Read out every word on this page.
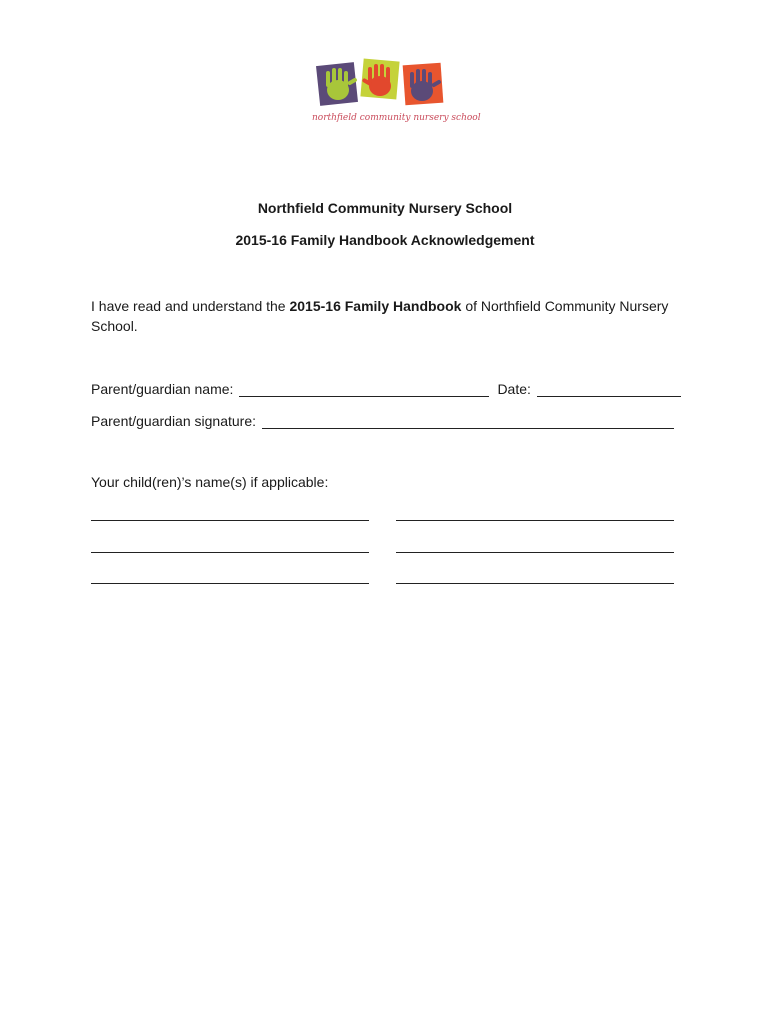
northfield community nursery school
Northfield Community Nursery School
2015-16 Family Handbook Acknowledgement
I have read and understand the 2015-16 Family Handbook of Northfield Community Nursery School.
Parent/guardian name:	Date:
Parent/guardian signature:
Your child(ren)’s name(s) if applicable:
